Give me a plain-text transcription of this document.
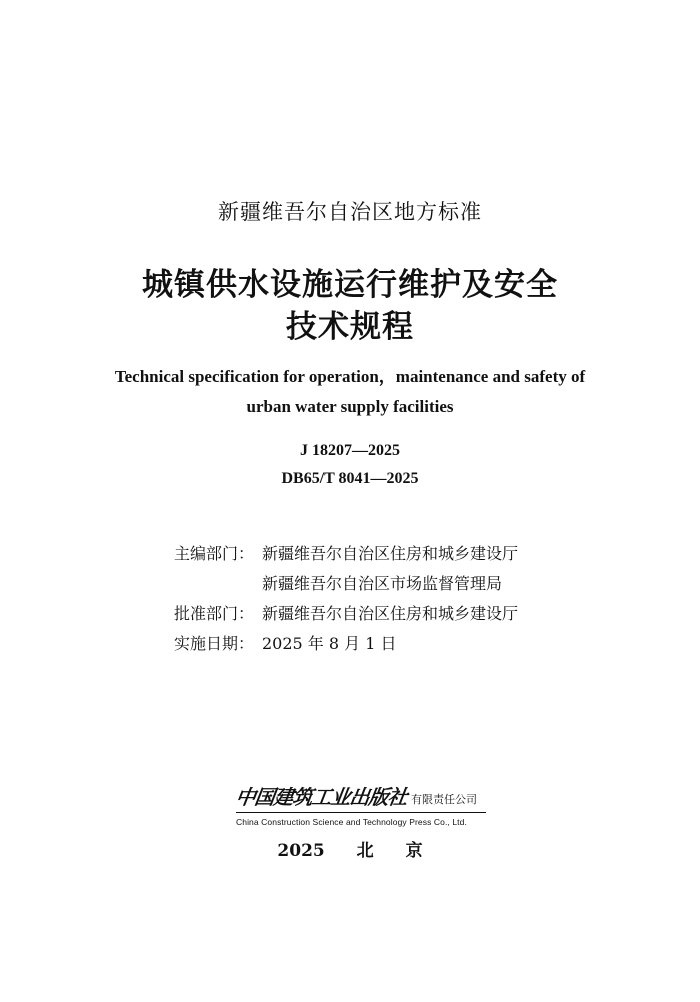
新疆维吾尔自治区地方标准
城镇供水设施运行维护及安全
技术规程
Technical specification for operation，maintenance and safety of
urban water supply facilities
J 18207—2025
DB65/T 8041—2025
主编部门： 新疆维吾尔自治区住房和城乡建设厅
新疆维吾尔自治区市场监督管理局
批准部门： 新疆维吾尔自治区住房和城乡建设厅
实施日期： 2025 年 8 月 1 日
中国建筑工业出版社 有限责任公司
China Construction Science and Technology Press Co., Ltd.
2025 北 京
